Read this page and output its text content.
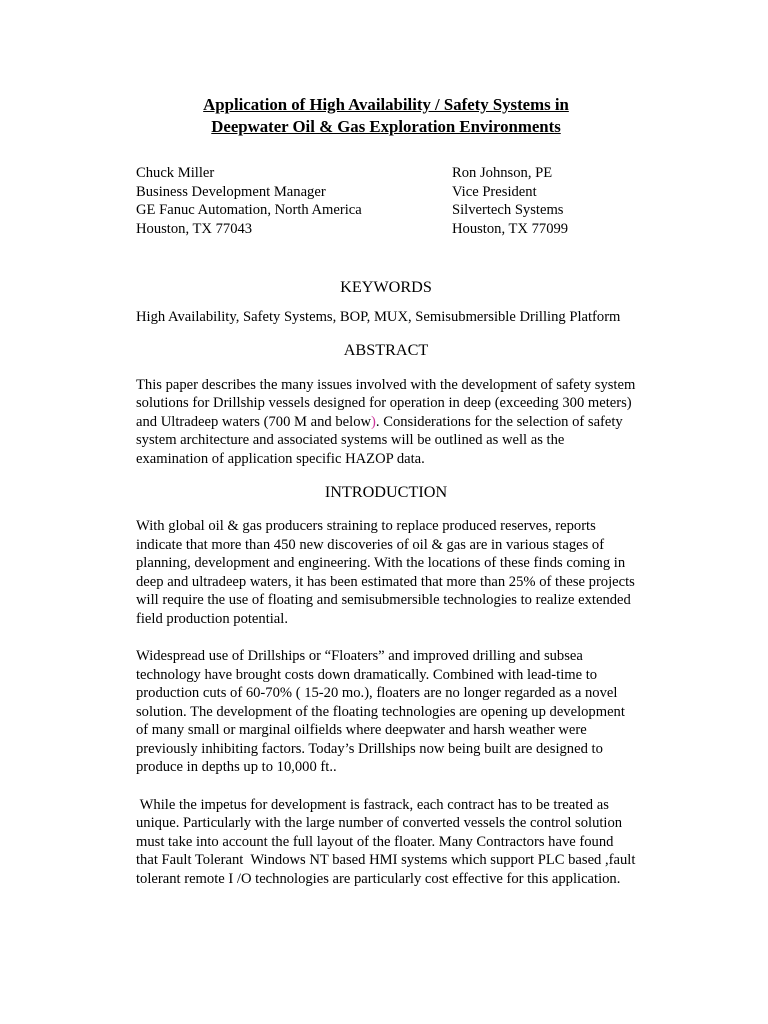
Application of High Availability / Safety Systems in
Deepwater Oil & Gas Exploration Environments
Chuck Miller
Business Development Manager
GE Fanuc Automation, North America
Houston, TX 77043
Ron Johnson, PE
Vice President
Silvertech Systems
Houston, TX 77099
KEYWORDS

High Availability, Safety Systems, BOP, MUX, Semisubmersible Drilling Platform

ABSTRACT

This paper describes the many issues involved with the development of safety system solutions for Drillship vessels designed for operation in deep (exceeding 300 meters) and Ultradeep waters (700 M and below). Considerations for the selection of safety system architecture and associated systems will be outlined as well as the examination of application specific HAZOP data.

INTRODUCTION

With global oil & gas producers straining to replace produced reserves, reports indicate that more than 450 new discoveries of oil & gas are in various stages of planning, development and engineering. With the locations of these finds coming in deep and ultradeep waters, it has been estimated that more than 25% of these projects will require the use of floating and semisubmersible technologies to realize extended field production potential.

Widespread use of Drillships or “Floaters” and improved drilling and subsea technology have brought costs down dramatically. Combined with lead-time to production cuts of 60-70% ( 15-20 mo.), floaters are no longer regarded as a novel solution. The development of the floating technologies are opening up development of many small or marginal oilfields where deepwater and harsh weather were previously inhibiting factors. Today’s Drillships now being built are designed to produce in depths up to 10,000 ft..

While the impetus for development is fastrack, each contract has to be treated as unique. Particularly with the large number of converted vessels the control solution must take into account the full layout of the floater. Many Contractors have found that Fault Tolerant  Windows NT based HMI systems which support PLC based ,fault tolerant remote I /O technologies are particularly cost effective for this application.
